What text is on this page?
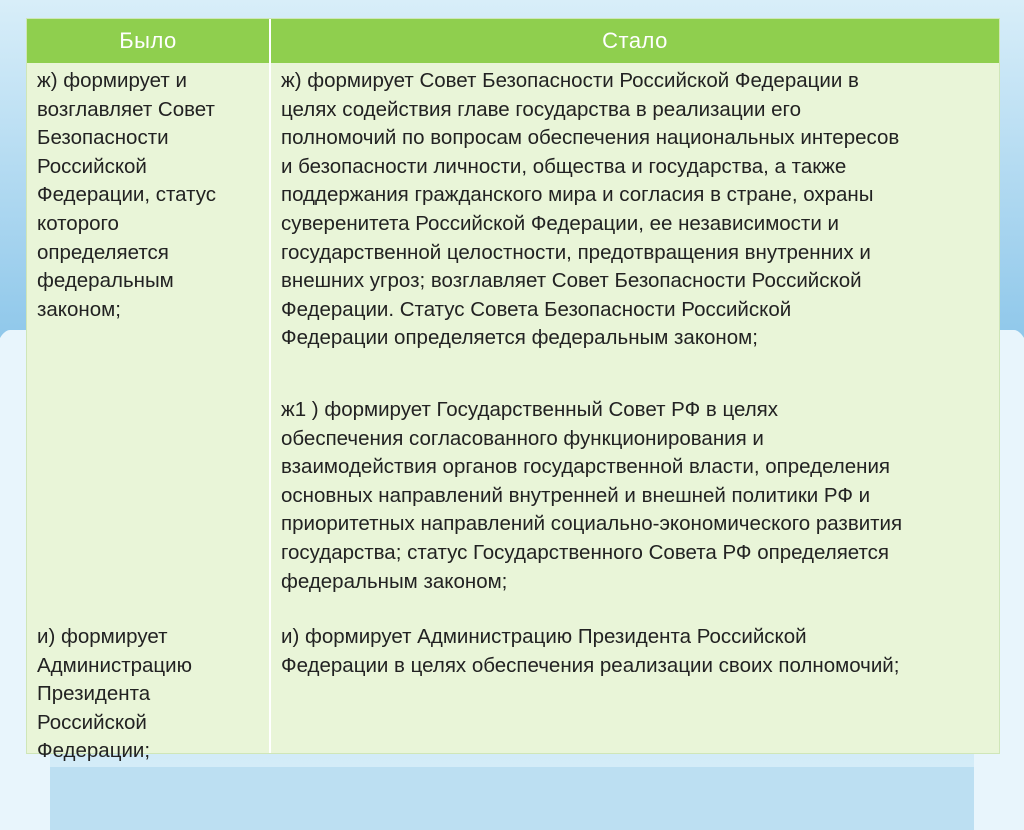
Было	Стало

ж) формирует и
возглавляет Совет
Безопасности
Российской
Федерации, статус
которого
определяется
федеральным
законом;

и) формирует
Администрацию
Президента
Российской
Федерации;

ж) формирует Совет Безопасности Российской Федерации в
целях содействия главе государства в реализации его
полномочий по вопросам обеспечения национальных интересов
и безопасности личности, общества и государства, а также
поддержания гражданского мира и согласия в стране, охраны
суверенитета Российской Федерации, ее независимости и
государственной целостности, предотвращения внутренних и
внешних угроз; возглавляет Совет Безопасности Российской
Федерации. Статус Совета Безопасности Российской
Федерации определяется федеральным законом;

ж1 ) формирует Государственный Совет РФ в целях
обеспечения согласованного функционирования и
взаимодействия органов государственной власти, определения
основных направлений внутренней и внешней политики РФ и
приоритетных направлений социально-экономического развития
государства; статус Государственного Совета РФ определяется
федеральным законом;

и) формирует Администрацию Президента Российской
Федерации в целях обеспечения реализации своих полномочий;
